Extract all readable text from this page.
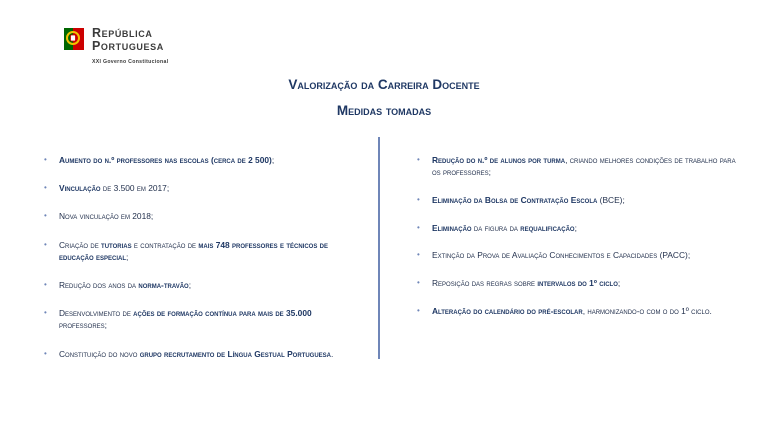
República
Portuguesa
XXI Governo Constitucional
Valorização da Carreira Docente
Medidas tomadas
• Aumento do n.º professores nas escolas (cerca de 2 500);
• Vinculação de 3.500 em 2017;
• Nova vinculação em 2018;
• Criação de tutorias e contratação de mais 748 professores e técnicos de educação especial;
• Redução dos anos da norma-travão;
• Desenvolvimento de ações de formação contínua para mais de 35.000 professores;
• Constituição do novo grupo recrutamento de Língua Gestual Portuguesa.
• Redução do n.º de alunos por turma, criando melhores condições de trabalho para os professores;
• Eliminação da Bolsa de Contratação Escola (BCE);
• Eliminação da figura da requalificação;
• Extinção da Prova de Avaliação Conhecimentos e Capacidades (PACC);
• Reposição das regras sobre intervalos do 1º ciclo;
• Alteração do calendário do pré-escolar, harmonizando-o com o do 1º ciclo.
